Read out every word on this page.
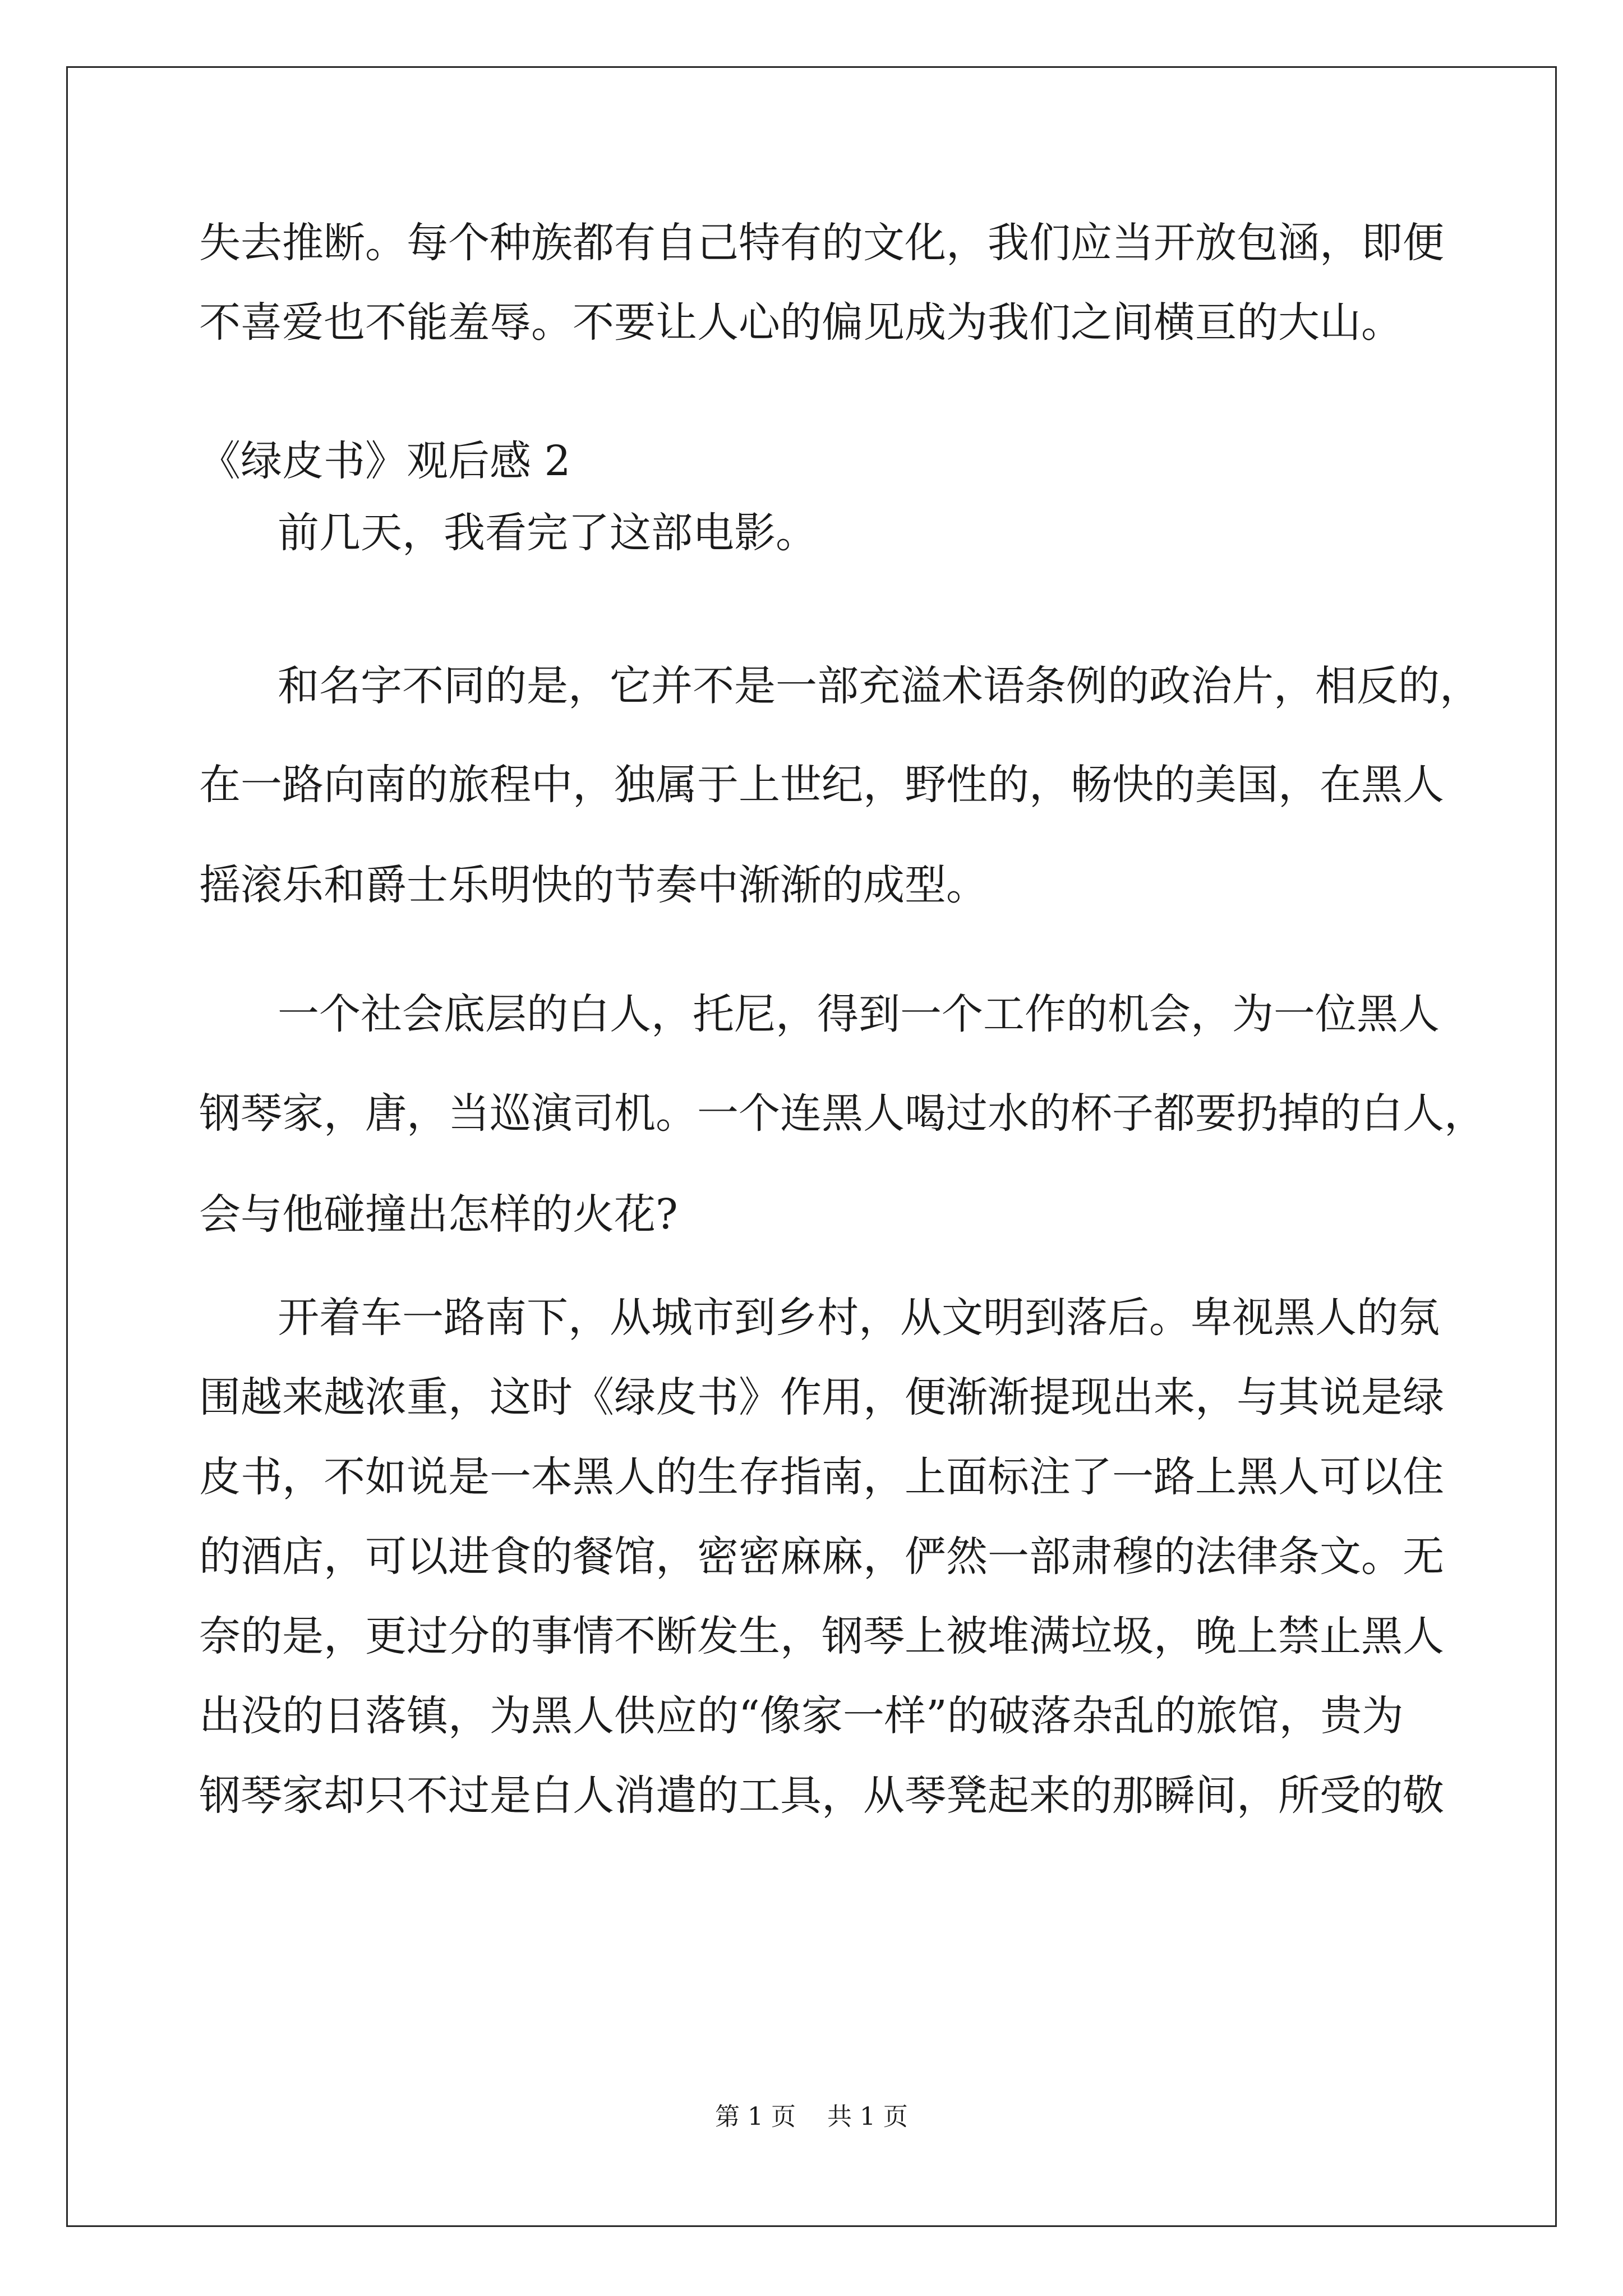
失去推断。每个种族都有自己特有的文化，我们应当开放包涵，即便
不喜爱也不能羞辱。不要让人心的偏见成为我们之间横亘的大山。
《绿皮书》观后感 2
前几天，我看完了这部电影。
和名字不同的是，它并不是一部充溢术语条例的政治片，相反的，
在一路向南的旅程中，独属于上世纪，野性的，畅快的美国，在黑人
摇滚乐和爵士乐明快的节奏中渐渐的成型。
一个社会底层的白人，托尼，得到一个工作的机会，为一位黑人
钢琴家，唐，当巡演司机。一个连黑人喝过水的杯子都要扔掉的白人，
会与他碰撞出怎样的火花?
开着车一路南下，从城市到乡村，从文明到落后。卑视黑人的氛
围越来越浓重，这时《绿皮书》作用，便渐渐提现出来，与其说是绿
皮书，不如说是一本黑人的生存指南，上面标注了一路上黑人可以住
的酒店，可以进食的餐馆，密密麻麻，俨然一部肃穆的法律条文。无
奈的是，更过分的事情不断发生，钢琴上被堆满垃圾，晚上禁止黑人
出没的日落镇，为黑人供应的“像家一样”的破落杂乱的旅馆，贵为
钢琴家却只不过是白人消遣的工具，从琴凳起来的那瞬间，所受的敬
第 1 页    共 1 页
